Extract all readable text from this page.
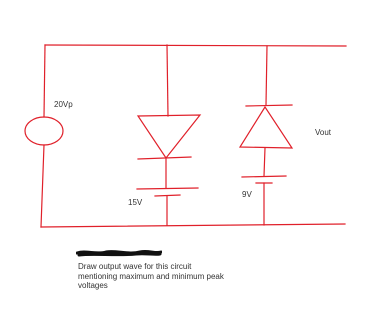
20Vp
15V
9V
Vout
Draw output wave for this circuit
mentioning maximum and minimum peak
voltages
